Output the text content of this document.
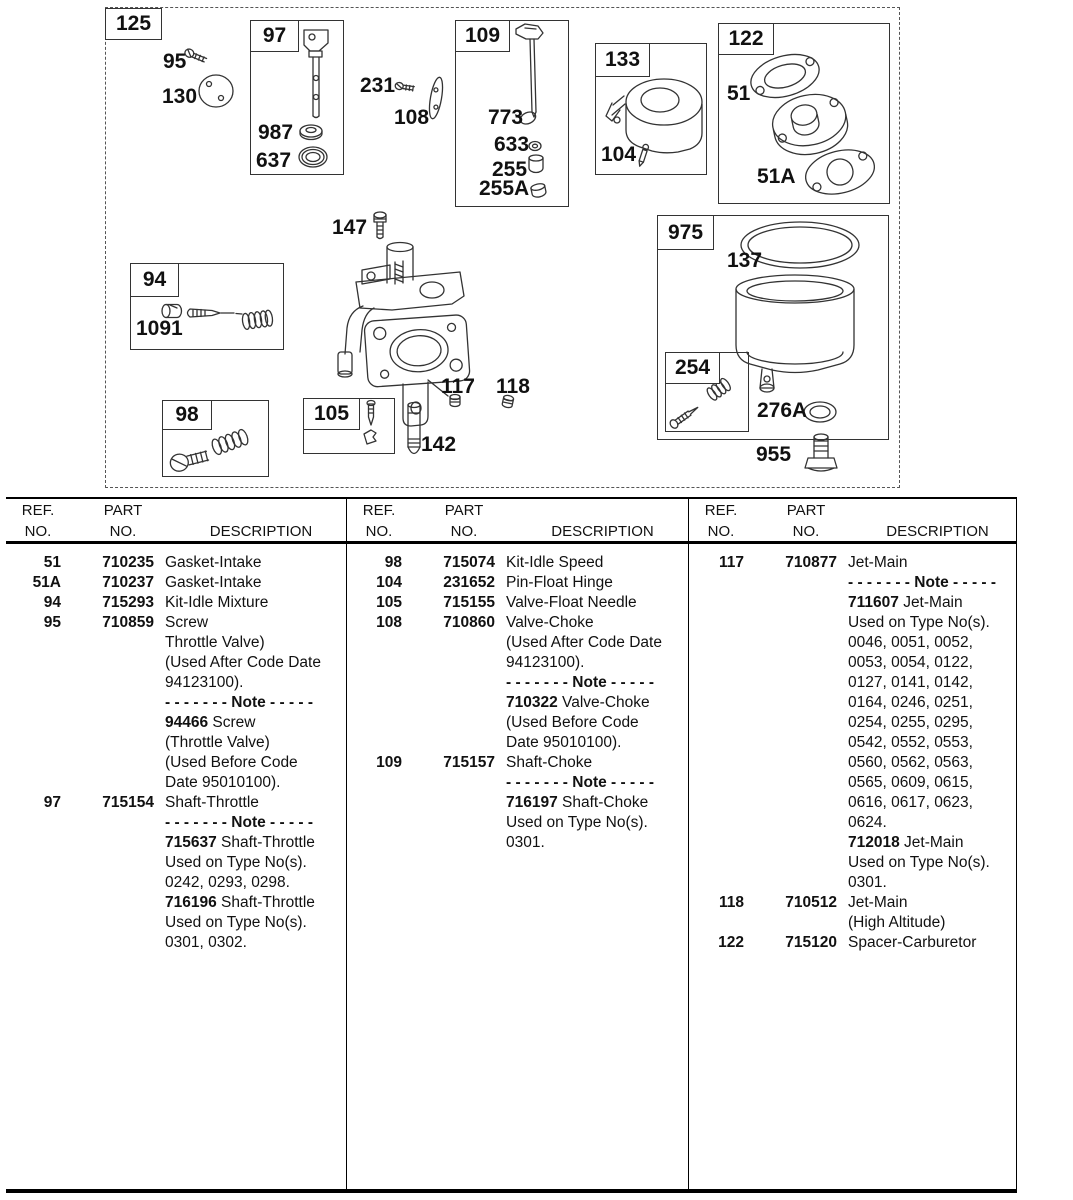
125
97	109
133
122
94
98	105
975
254
95
130
987
637
231
108	773
633
255
255A
51
51A
104
147
1091
117 118
142
137
276A
955
REF.	PART
NO.	NO.	DESCRIPTION
51	710235 Gasket-Intake
51A	710237 Gasket-Intake
94	715293 Kit-Idle Mixture
95	710859 Screw
Throttle Valve)
(Used After Code Date
94123100).
- - - - - - - Note - - - - -
94466 Screw
(Throttle Valve)
(Used Before Code
Date 95010100).
97	715154 Shaft-Throttle
- - - - - - - Note - - - - -
715637 Shaft-Throttle
Used on Type No(s).
0242, 0293, 0298.
716196 Shaft-Throttle
Used on Type No(s).
0301, 0302.
REF.	PART
NO.	NO.	DESCRIPTION
98	715074 Kit-Idle Speed
104	231652 Pin-Float Hinge
105	715155 Valve-Float Needle
108	710860 Valve-Choke
(Used After Code Date
94123100).
- - - - - - - Note - - - - -
710322 Valve-Choke
(Used Before Code
Date 95010100).
109	715157 Shaft-Choke
- - - - - - - Note - - - - -
716197 Shaft-Choke
Used on Type No(s).
0301.
REF.	PART
NO.	NO.	DESCRIPTION
117	710877 Jet-Main
- - - - - - - Note - - - - -
711607 Jet-Main
Used on Type No(s).
0046, 0051, 0052,
0053, 0054, 0122,
0127, 0141, 0142,
0164, 0246, 0251,
0254, 0255, 0295,
0542, 0552, 0553,
0560, 0562, 0563,
0565, 0609, 0615,
0616, 0617, 0623,
0624.
712018 Jet-Main
Used on Type No(s).
0301.
118	710512 Jet-Main
(High Altitude)
122	715120 Spacer-Carburetor
